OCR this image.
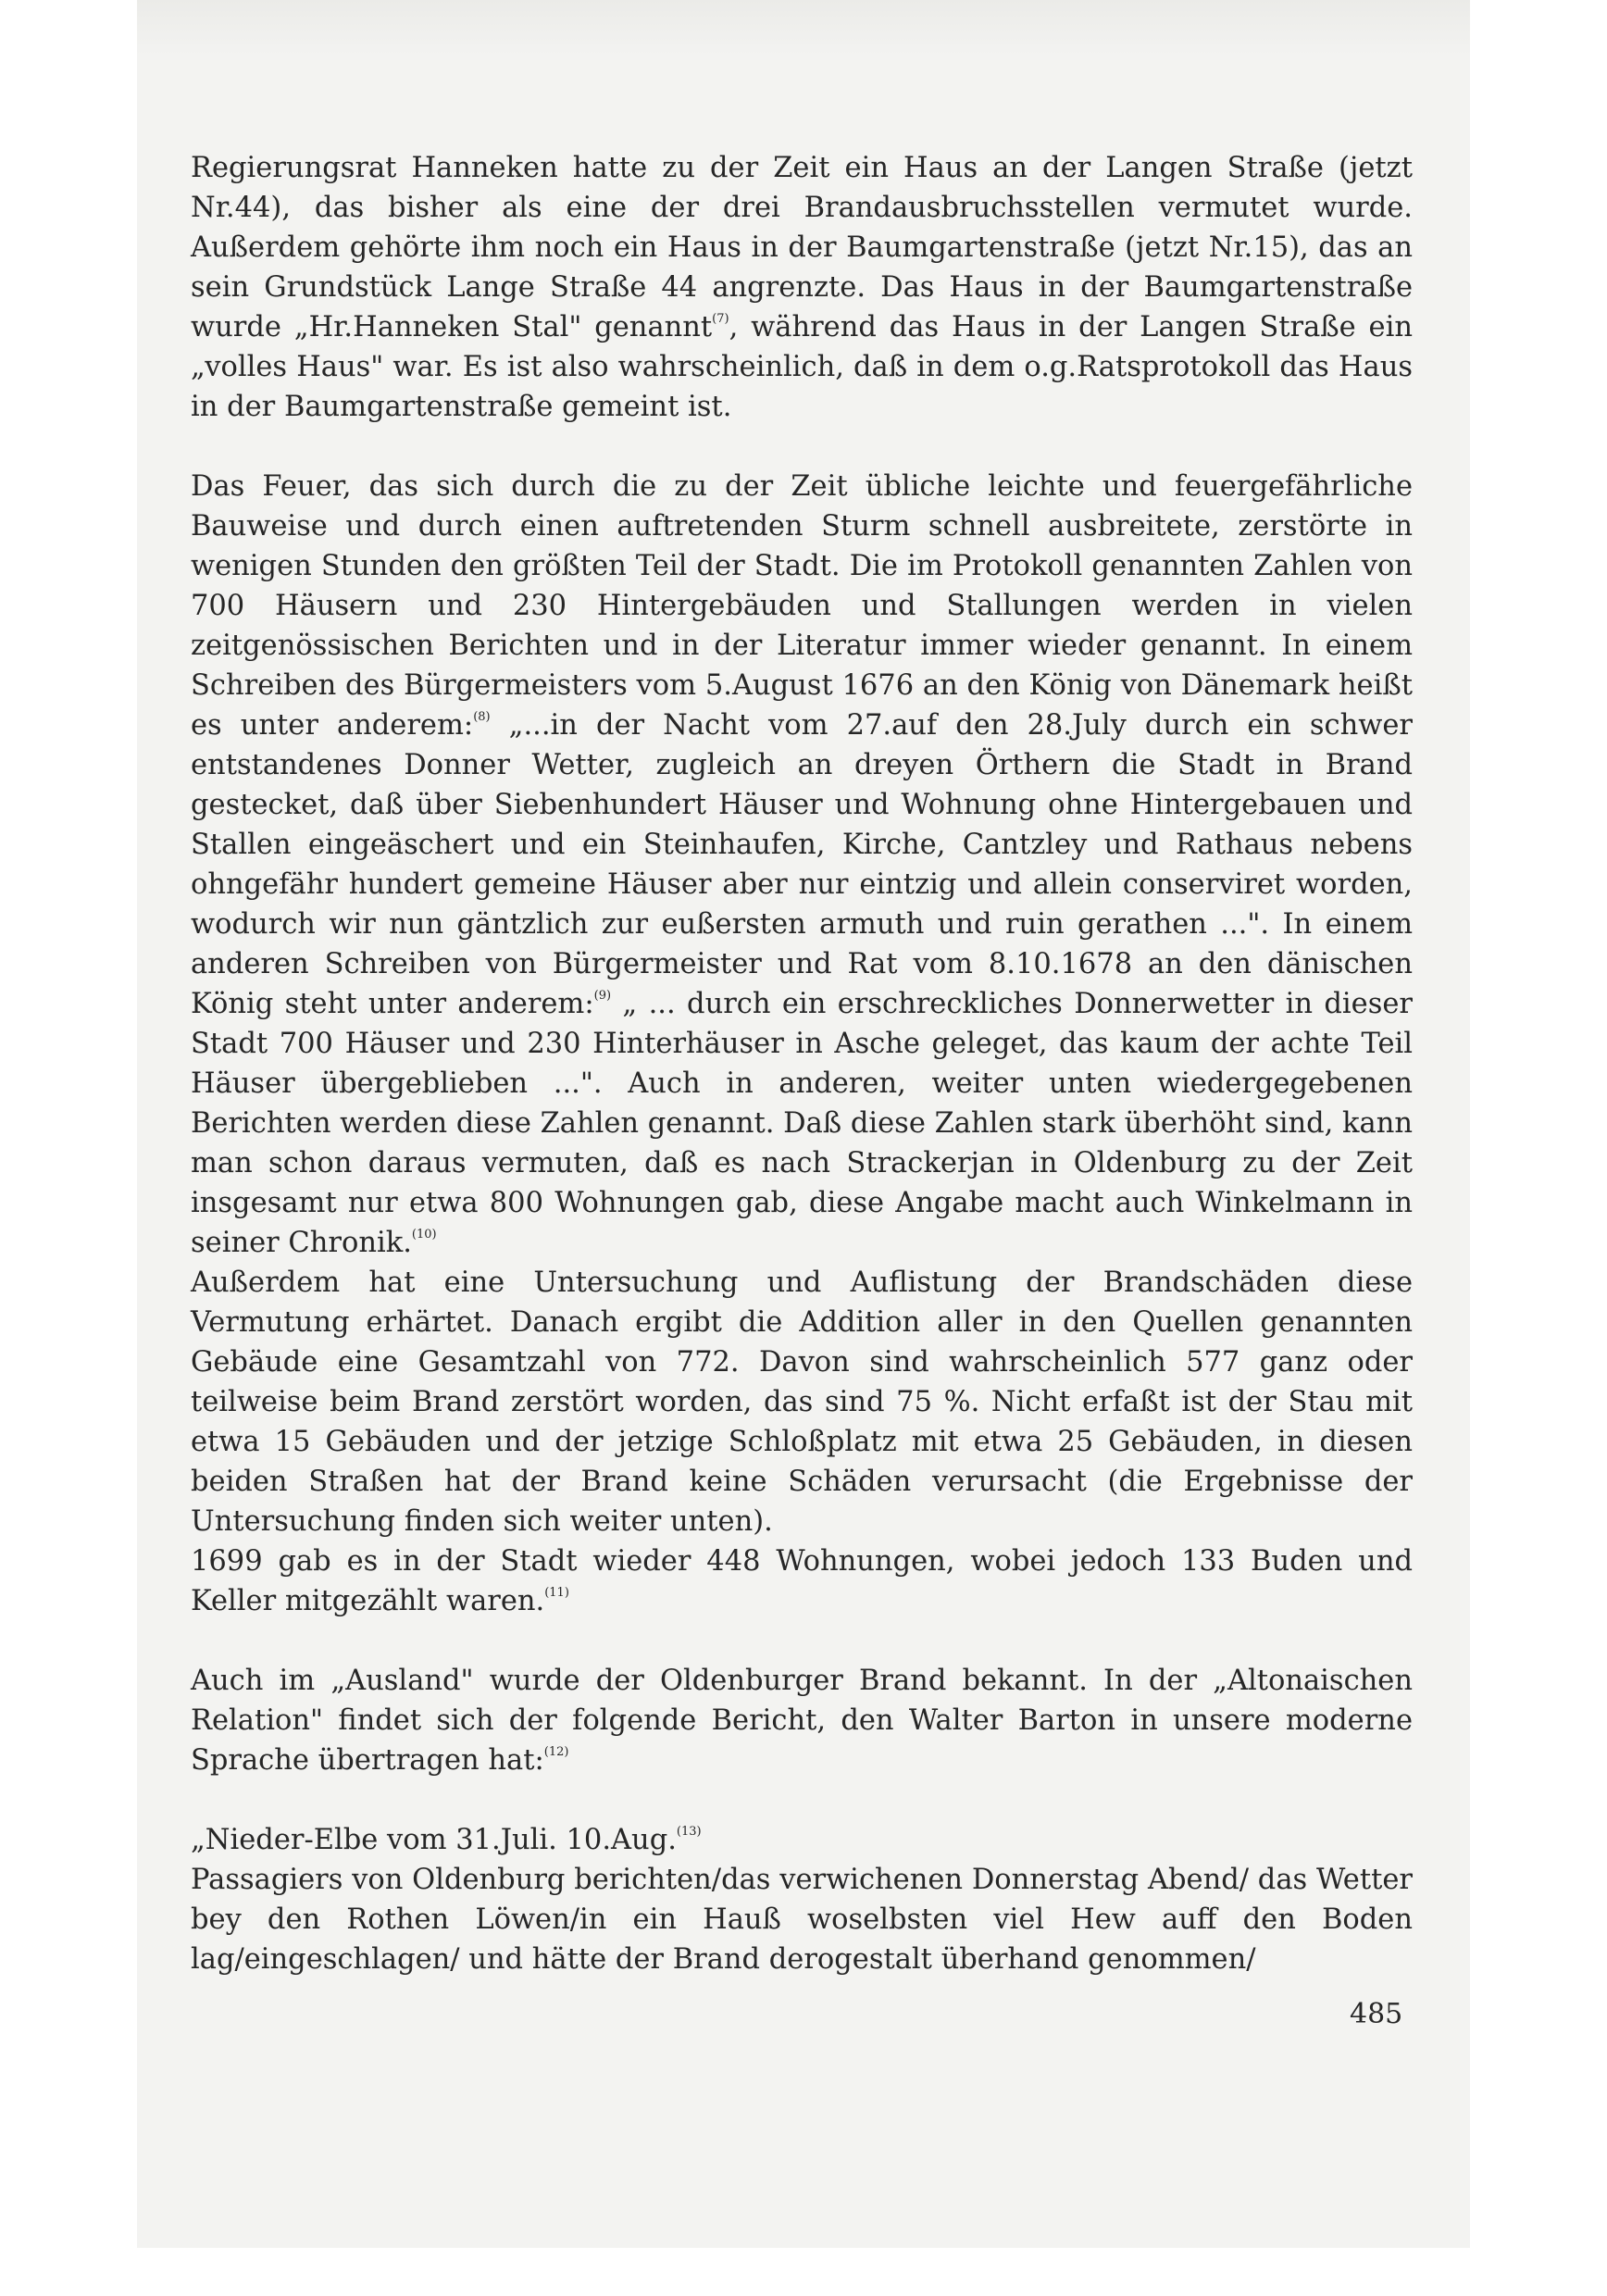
Regierungsrat Hanneken hatte zu der Zeit ein Haus an der Langen Straße (jetzt Nr.44), das bisher als eine der drei Brandausbruchsstellen vermutet wurde. Außerdem gehörte ihm noch ein Haus in der Baumgartenstraße (jetzt Nr.15), das an sein Grundstück Lange Straße 44 angrenzte. Das Haus in der Baumgartenstraße wurde „Hr.Hanneken Stal" genannt$^{(7)}$, während das Haus in der Langen Straße ein „volles Haus" war. Es ist also wahrscheinlich, daß in dem o.g.Ratsprotokoll das Haus in der Baumgartenstraße gemeint ist.

Das Feuer, das sich durch die zu der Zeit übliche leichte und feuergefährliche Bauweise und durch einen auftretenden Sturm schnell ausbreitete, zerstörte in wenigen Stunden den größten Teil der Stadt. Die im Protokoll genannten Zahlen von 700 Häusern und 230 Hintergebäuden und Stallungen werden in vielen zeitgenössischen Berichten und in der Literatur immer wieder genannt. In einem Schreiben des Bürgermeisters vom 5.August 1676 an den König von Dänemark heißt es unter anderem:$^{(8)}$ „...in der Nacht vom 27.auf den 28.July durch ein schwer entstandenes Donner Wetter, zugleich an dreyen Örthern die Stadt in Brand gestecket, daß über Siebenhundert Häuser und Wohnung ohne Hintergebauen und Stallen eingeäschert und ein Steinhaufen, Kirche, Cantzley und Rathaus nebens ohngefähr hundert gemeine Häuser aber nur eintzig und allein conserviret worden, wodurch wir nun gäntzlich zur eußersten armuth und ruin gerathen ...". In einem anderen Schreiben von Bürgermeister und Rat vom 8.10.1678 an den dänischen König steht unter anderem:$^{(9)}$ „ ... durch ein erschreckliches Donnerwetter in dieser Stadt 700 Häuser und 230 Hinterhäuser in Asche geleget, das kaum der achte Teil Häuser übergeblieben ...". Auch in anderen, weiter unten wiedergegebenen Berichten werden diese Zahlen genannt. Daß diese Zahlen stark überhöht sind, kann man schon daraus vermuten, daß es nach Strackerjan in Oldenburg zu der Zeit insgesamt nur etwa 800 Wohnungen gab, diese Angabe macht auch Winkelmann in seiner Chronik.$^{(10)}$

Außerdem hat eine Untersuchung und Auflistung der Brandschäden diese Vermutung erhärtet. Danach ergibt die Addition aller in den Quellen genannten Gebäude eine Gesamtzahl von 772. Davon sind wahrscheinlich 577 ganz oder teilweise beim Brand zerstört worden, das sind 75 %. Nicht erfaßt ist der Stau mit etwa 15 Gebäuden und der jetzige Schloßplatz mit etwa 25 Gebäuden, in diesen beiden Straßen hat der Brand keine Schäden verursacht (die Ergebnisse der Untersuchung finden sich weiter unten).

1699 gab es in der Stadt wieder 448 Wohnungen, wobei jedoch 133 Buden und Keller mitgezählt waren.$^{(11)}$

Auch im „Ausland" wurde der Oldenburger Brand bekannt. In der „Altonaischen Relation" findet sich der folgende Bericht, den Walter Barton in unsere moderne Sprache übertragen hat:$^{(12)}$

„Nieder-Elbe vom 31.Juli. 10.Aug.$^{(13)}$

Passagiers von Oldenburg berichten/das verwichenen Donnerstag Abend/ das Wetter bey den Rothen Löwen/in ein Hauß woselbsten viel Hew auff den Boden lag/eingeschlagen/ und hätte der Brand derogestalt überhand genommen/

485
